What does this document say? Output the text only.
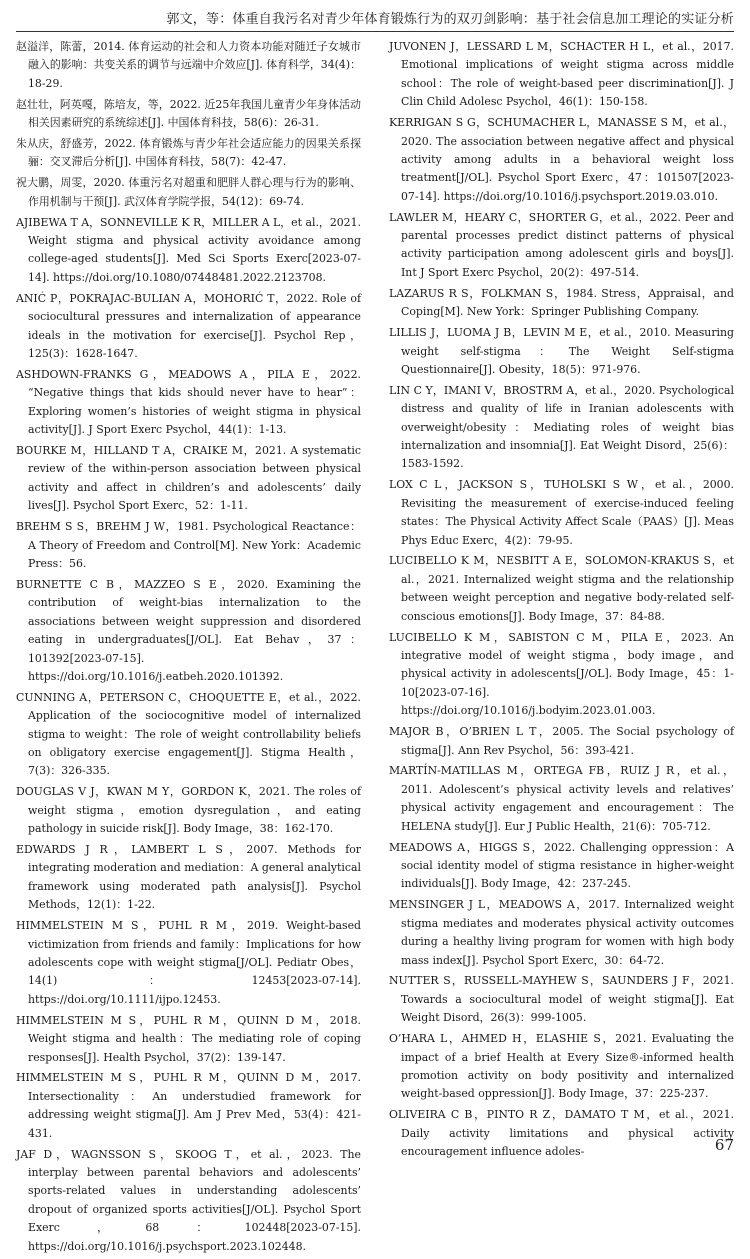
郭文，等：体重自我污名对青少年体育锻炼行为的双刃剑影响：基于社会信息加工理论的实证分析

赵溢洋，陈蕾，2014. 体育运动的社会和人力资本功能对随迁子女城市融入的影响：共变关系的调节与远端中介效应[J]. 体育科学，34(4)：18-29.

赵壮壮，阿英嘎，陈培友，等，2022. 近25年我国儿童青少年身体活动相关因素研究的系统综述[J]. 中国体育科技，58(6)：26-31.

朱从庆，舒盛芳，2022. 体育锻炼与青少年社会适应能力的因果关系探骊：交叉滞后分析[J]. 中国体育科技，58(7)：42-47.

祝大鹏，周雯，2020. 体重污名对超重和肥胖人群心理与行为的影响、作用机制与干预[J]. 武汉体育学院学报，54(12)：69-74.

AJIBEWA T A，SONNEVILLE K R，MILLER A L，et al.，2021. Weight stigma and physical activity avoidance among college-aged students[J]. Med Sci Sports Exerc[2023-07-14]. https://doi.org/10.1080/07448481.2022.2123708.

ANIĆ P，POKRAJAC-BULIAN A，MOHORIĆ T，2022. Role of sociocultural pressures and internalization of appearance ideals in the motivation for exercise[J]. Psychol Rep，125(3)：1628-1647.

ASHDOWN-FRANKS G，MEADOWS A，PILA E，2022. “Negative things that kids should never have to hear”：Exploring women’s histories of weight stigma in physical activity[J]. J Sport Exerc Psychol，44(1)：1-13.

BOURKE M，HILLAND T A，CRAIKE M，2021. A systematic review of the within-person association between physical activity and affect in children’s and adolescents’ daily lives[J]. Psychol Sport Exerc，52：1-11.

BREHM S S，BREHM J W，1981. Psychological Reactance：A Theory of Freedom and Control[M]. New York：Academic Press：56.

BURNETTE C B，MAZZEO S E，2020. Examining the contribution of weight-bias internalization to the associations between weight suppression and disordered eating in undergraduates[J/OL]. Eat Behav，37：101392[2023-07-15]. https://doi.org/10.1016/j.eatbeh.2020.101392.

CUNNING A，PETERSON C，CHOQUETTE E，et al.，2022. Application of the sociocognitive model of internalized stigma to weight：The role of weight controllability beliefs on obligatory exercise engagement[J]. Stigma Health，7(3)：326-335.

DOUGLAS V J，KWAN M Y，GORDON K，2021. The roles of weight stigma，emotion dysregulation，and eating pathology in suicide risk[J]. Body Image，38：162-170.

EDWARDS J R，LAMBERT L S，2007. Methods for integrating moderation and mediation：A general analytical framework using moderated path analysis[J]. Psychol Methods，12(1)：1-22.

HIMMELSTEIN M S，PUHL R M，2019. Weight-based victimization from friends and family：Implications for how adolescents cope with weight stigma[J/OL]. Pediatr Obes，14(1)：12453[2023-07-14]. https://doi.org/10.1111/ijpo.12453.

HIMMELSTEIN M S，PUHL R M，QUINN D M，2018. Weight stigma and health：The mediating role of coping responses[J]. Health Psychol，37(2)：139-147.

HIMMELSTEIN M S，PUHL R M，QUINN D M，2017. Intersectionality：An understudied framework for addressing weight stigma[J]. Am J Prev Med，53(4)：421-431.

JAF D，WAGNSSON S，SKOOG T，et al.，2023. The interplay between parental behaviors and adolescents’ sports-related values in understanding adolescents’ dropout of organized sports activities[J/OL]. Psychol Sport Exerc，68：102448[2023-07-15]. https://doi.org/10.1016/j.psychsport.2023.102448.

JUVONEN J，LESSARD L M，SCHACTER H L，et al.，2017. Emotional implications of weight stigma across middle school：The role of weight-based peer discrimination[J]. J Clin Child Adolesc Psychol，46(1)：150-158.

KERRIGAN S G，SCHUMACHER L，MANASSE S M，et al.，2020. The association between negative affect and physical activity among adults in a behavioral weight loss treatment[J/OL]. Psychol Sport Exerc，47：101507[2023-07-14]. https://doi.org/10.1016/j.psychsport.2019.03.010.

LAWLER M，HEARY C，SHORTER G，et al.，2022. Peer and parental processes predict distinct patterns of physical activity participation among adolescent girls and boys[J]. Int J Sport Exerc Psychol，20(2)：497-514.

LAZARUS R S，FOLKMAN S，1984. Stress，Appraisal，and Coping[M]. New York：Springer Publishing Company.

LILLIS J，LUOMA J B，LEVIN M E，et al.，2010. Measuring weight self-stigma：The Weight Self-stigma Questionnaire[J]. Obesity，18(5)：971-976.

LIN C Y，IMANI V，BROSTRM A，et al.，2020. Psychological distress and quality of life in Iranian adolescents with overweight/obesity：Mediating roles of weight bias internalization and insomnia[J]. Eat Weight Disord，25(6)：1583-1592.

LOX C L，JACKSON S，TUHOLSKI S W，et al.，2000. Revisiting the measurement of exercise-induced feeling states：The Physical Activity Affect Scale（PAAS）[J]. Meas Phys Educ Exerc，4(2)：79-95.

LUCIBELLO K M，NESBITT A E，SOLOMON-KRAKUS S，et al.，2021. Internalized weight stigma and the relationship between weight perception and negative body-related self-conscious emotions[J]. Body Image，37：84-88.

LUCIBELLO K M，SABISTON C M，PILA E，2023. An integrative model of weight stigma，body image，and physical activity in adolescents[J/OL]. Body Image，45：1-10[2023-07-16]. https://doi.org/10.1016/j.bodyim.2023.01.003.

MAJOR B，O’BRIEN L T，2005. The Social psychology of stigma[J]. Ann Rev Psychol，56：393-421.

MARTÍN-MATILLAS M，ORTEGA FB，RUIZ J R，et al.，2011. Adolescent’s physical activity levels and relatives’ physical activity engagement and encouragement：The HELENA study[J]. Eur J Public Health，21(6)：705-712.

MEADOWS A，HIGGS S，2022. Challenging oppression：A social identity model of stigma resistance in higher-weight individuals[J]. Body Image，42：237-245.

MENSINGER J L，MEADOWS A，2017. Internalized weight stigma mediates and moderates physical activity outcomes during a healthy living program for women with high body mass index[J]. Psychol Sport Exerc，30：64-72.

NUTTER S，RUSSELL-MAYHEW S，SAUNDERS J F，2021. Towards a sociocultural model of weight stigma[J]. Eat Weight Disord，26(3)：999-1005.

O’HARA L，AHMED H，ELASHIE S，2021. Evaluating the impact of a brief Health at Every Size®-informed health promotion activity on body positivity and internalized weight-based oppression[J]. Body Image，37：225-237.

OLIVEIRA C B，PINTO R Z，DAMATO T M，et al.，2021. Daily activity limitations and physical activity encouragement influence adoles-	67
